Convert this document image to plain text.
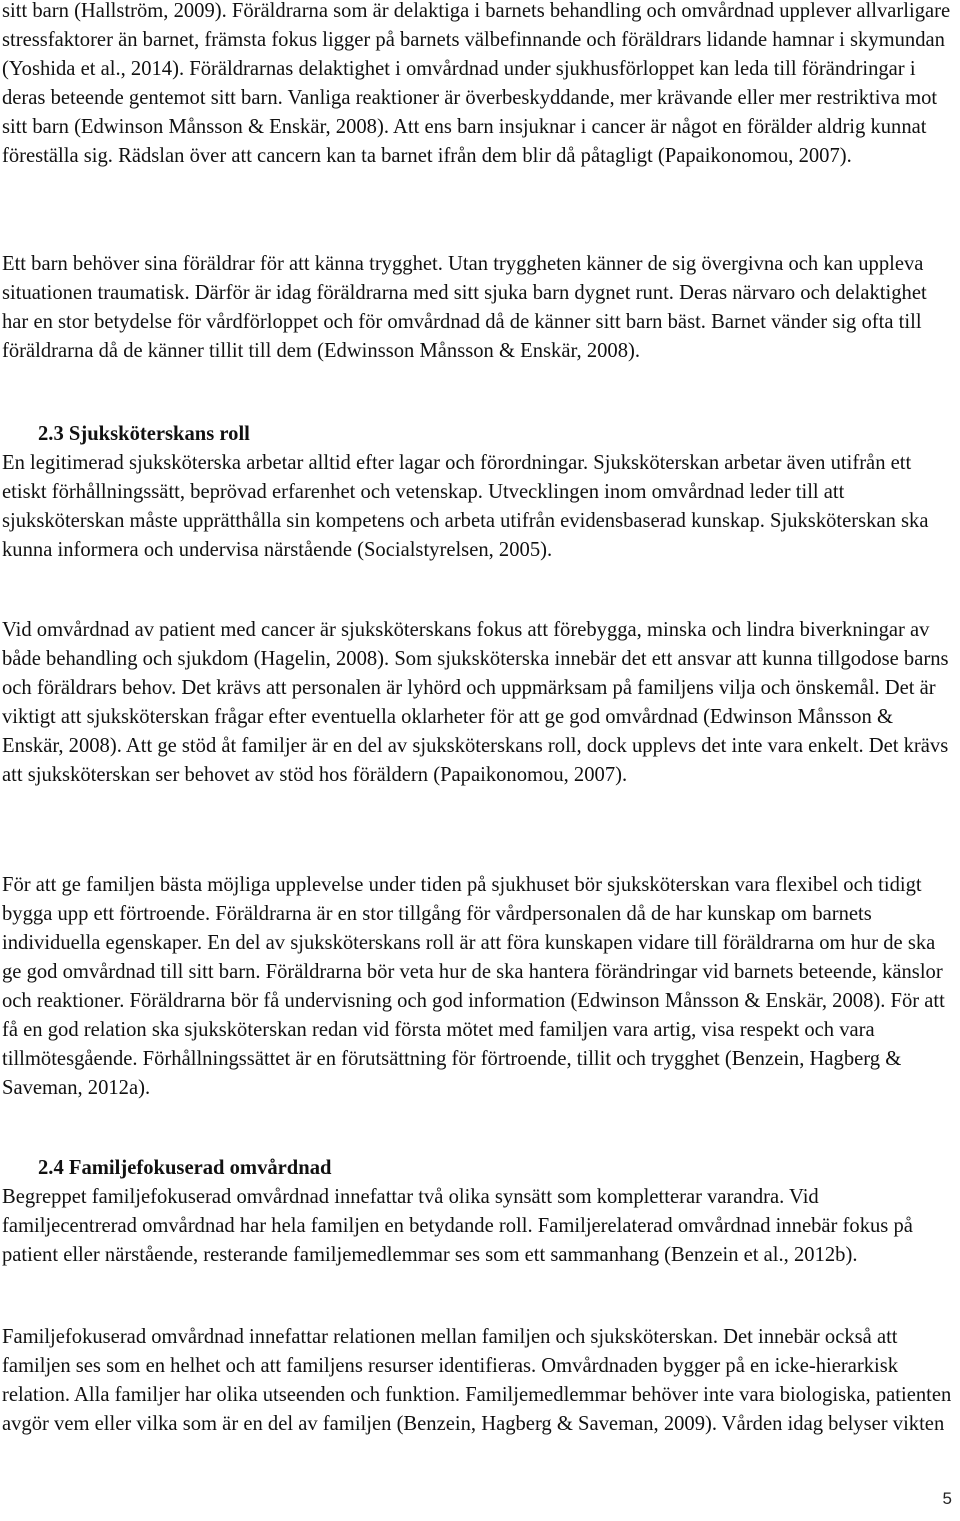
sitt barn (Hallström, 2009). Föräldrarna som är delaktiga i barnets behandling och omvårdnad upplever allvarligare stressfaktorer än barnet, främsta fokus ligger på barnets välbefinnande och föräldrars lidande hamnar i skymundan (Yoshida et al., 2014). Föräldrarnas delaktighet i omvårdnad under sjukhusförloppet kan leda till förändringar i deras beteende gentemot sitt barn. Vanliga reaktioner är överbeskyddande, mer krävande eller mer restriktiva mot sitt barn (Edwinson Månsson & Enskär, 2008). Att ens barn insjuknar i cancer är något en förälder aldrig kunnat föreställa sig. Rädslan över att cancern kan ta barnet ifrån dem blir då påtagligt (Papaikonomou, 2007).

Ett barn behöver sina föräldrar för att känna trygghet. Utan tryggheten känner de sig övergivna och kan uppleva situationen traumatisk. Därför är idag föräldrarna med sitt sjuka barn dygnet runt. Deras närvaro och delaktighet har en stor betydelse för vårdförloppet och för omvårdnad då de känner sitt barn bäst. Barnet vänder sig ofta till föräldrarna då de känner tillit till dem (Edwinsson Månsson & Enskär, 2008).

2.3 Sjuksköterskans roll

En legitimerad sjuksköterska arbetar alltid efter lagar och förordningar. Sjuksköterskan arbetar även utifrån ett etiskt förhållningssätt, beprövad erfarenhet och vetenskap. Utvecklingen inom omvårdnad leder till att sjuksköterskan måste upprätthålla sin kompetens och arbeta utifrån evidensbaserad kunskap. Sjuksköterskan ska kunna informera och undervisa närstående (Socialstyrelsen, 2005).

Vid omvårdnad av patient med cancer är sjuksköterskans fokus att förebygga, minska och lindra biverkningar av både behandling och sjukdom (Hagelin, 2008). Som sjuksköterska innebär det ett ansvar att kunna tillgodose barns och föräldrars behov. Det krävs att personalen är lyhörd och uppmärksam på familjens vilja och önskemål. Det är viktigt att sjuksköterskan frågar efter eventuella oklarheter för att ge god omvårdnad (Edwinson Månsson & Enskär, 2008). Att ge stöd åt familjer är en del av sjuksköterskans roll, dock upplevs det inte vara enkelt. Det krävs att sjuksköterskan ser behovet av stöd hos föräldern (Papaikonomou, 2007).

För att ge familjen bästa möjliga upplevelse under tiden på sjukhuset bör sjuksköterskan vara flexibel och tidigt bygga upp ett förtroende. Föräldrarna är en stor tillgång för vårdpersonalen då de har kunskap om barnets individuella egenskaper. En del av sjuksköterskans roll är att föra kunskapen vidare till föräldrarna om hur de ska ge god omvårdnad till sitt barn. Föräldrarna bör veta hur de ska hantera förändringar vid barnets beteende, känslor och reaktioner. Föräldrarna bör få undervisning och god information (Edwinson Månsson & Enskär, 2008). För att få en god relation ska sjuksköterskan redan vid första mötet med familjen vara artig, visa respekt och vara tillmötesgående. Förhållningssättet är en förutsättning för förtroende, tillit och trygghet (Benzein, Hagberg & Saveman, 2012a).

2.4 Familjefokuserad omvårdnad

Begreppet familjefokuserad omvårdnad innefattar två olika synsätt som kompletterar varandra. Vid familjecentrerad omvårdnad har hela familjen en betydande roll. Familjerelaterad omvårdnad innebär fokus på patient eller närstående, resterande familjemedlemmar ses som ett sammanhang (Benzein et al., 2012b).

Familjefokuserad omvårdnad innefattar relationen mellan familjen och sjuksköterskan. Det innebär också att familjen ses som en helhet och att familjens resurser identifieras. Omvårdnaden bygger på en icke-hierarkisk relation. Alla familjer har olika utseenden och funktion. Familjemedlemmar behöver inte vara biologiska, patienten avgör vem eller vilka som är en del av familjen (Benzein, Hagberg & Saveman, 2009). Vården idag belyser vikten

5
